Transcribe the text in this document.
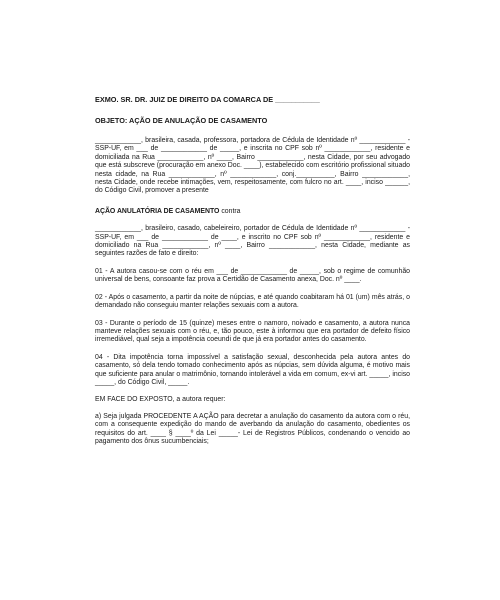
EXMO. SR. DR. JUIZ DE DIREITO DA COMARCA DE ___________

OBJETO: AÇÃO DE ANULAÇÃO DE CASAMENTO

____________, brasileira, casada, professora, portadora de Cédula de Identidade nº ____________ - SSP-UF, em ___ de ____________ de _____, e inscrita no CPF sob nº ____________, residente e domiciliada na Rua ____________, nº ____, Bairro ____________, nesta Cidade, por seu advogado que está subscreve (procuração em anexo Doc. ____), estabelecido com escritório profissional situado nesta cidade, na Rua ____________, nº ____________, conj.__________, Bairro ____________, nesta Cidade, onde recebe intimações, vem, respeitosamente, com fulcro no art. ____, inciso ______, do Código Civil, promover a presente

AÇÃO ANULATÓRIA DE CASAMENTO contra

____________, brasileiro, casado, cabeleireiro, portador de Cédula de Identidade nº ____________ -SSP-UF, em ___ de ____________ de ____, e inscrito no CPF sob nº ____________, residente e domiciliado na Rua ____________, nº ____, Bairro ____________, nesta Cidade, mediante as seguintes razões de fato e direito:

01 - A autora casou-se com o réu em ___ de ____________ de _____, sob o regime de comunhão universal de bens, consoante faz prova a Certidão de Casamento anexa, Doc. nº ____.

02 - Após o casamento, a partir da noite de núpcias, e até quando coabitaram há 01 (um) mês atrás, o demandado não conseguiu manter relações sexuais com a autora.

03 - Durante o período de 15 (quinze) meses entre o namoro, noivado e casamento, a autora nunca manteve relações sexuais com o réu, e, tão pouco, este à informou que era portador de defeito físico irremediável, qual seja a impotência coeundi de que já era portador antes do casamento.

04 - Dita impotência torna impossível a satisfação sexual, desconhecida pela autora antes do casamento, só dela tendo tomado conhecimento após as núpcias, sem dúvida alguma, é motivo mais que suficiente para anular o matrimônio, tornando intolerável a vida em comum, ex-vi art. _____, inciso _____, do Código Civil, _____.

EM FACE DO EXPOSTO, a autora requer:

a) Seja julgada PROCEDENTE A AÇÃO para decretar a anulação do casamento da autora com o réu, com a consequente expedição do mando de averbando da anulação do casamento, obedientes os requisitos do art. ____ § ____º da Lei _____- Lei de Registros Públicos, condenando o vencido ao pagamento dos ônus sucumbenciais;
